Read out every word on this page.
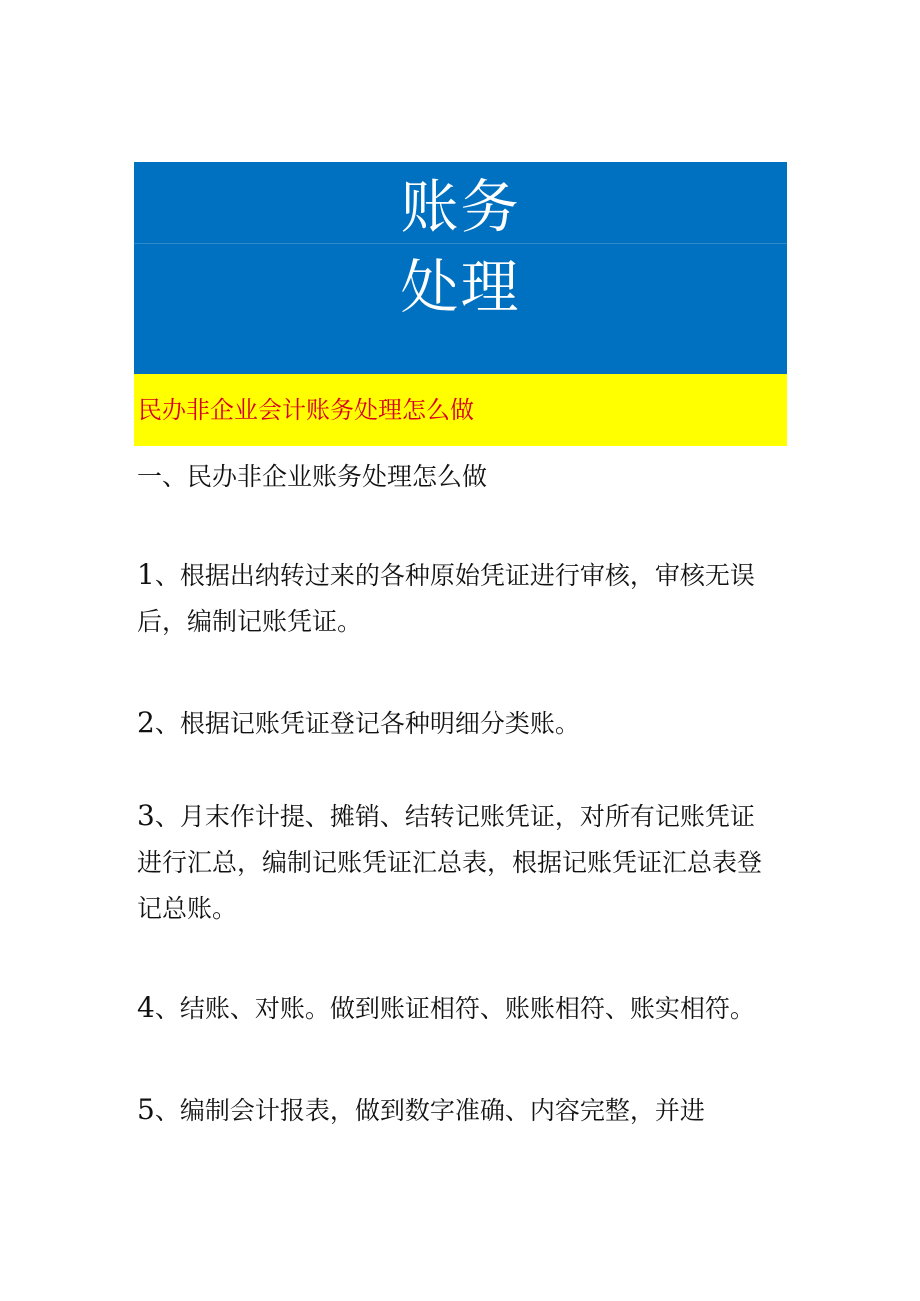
账务
处理
民办非企业会计账务处理怎么做
一、民办非企业账务处理怎么做
1、根据出纳转过来的各种原始凭证进行审核，审核无误
后，编制记账凭证。
2、根据记账凭证登记各种明细分类账。
3、月末作计提、摊销、结转记账凭证，对所有记账凭证
进行汇总，编制记账凭证汇总表，根据记账凭证汇总表登
记总账。
4、结账、对账。做到账证相符、账账相符、账实相符。
5、编制会计报表，做到数字准确、内容完整，并进
